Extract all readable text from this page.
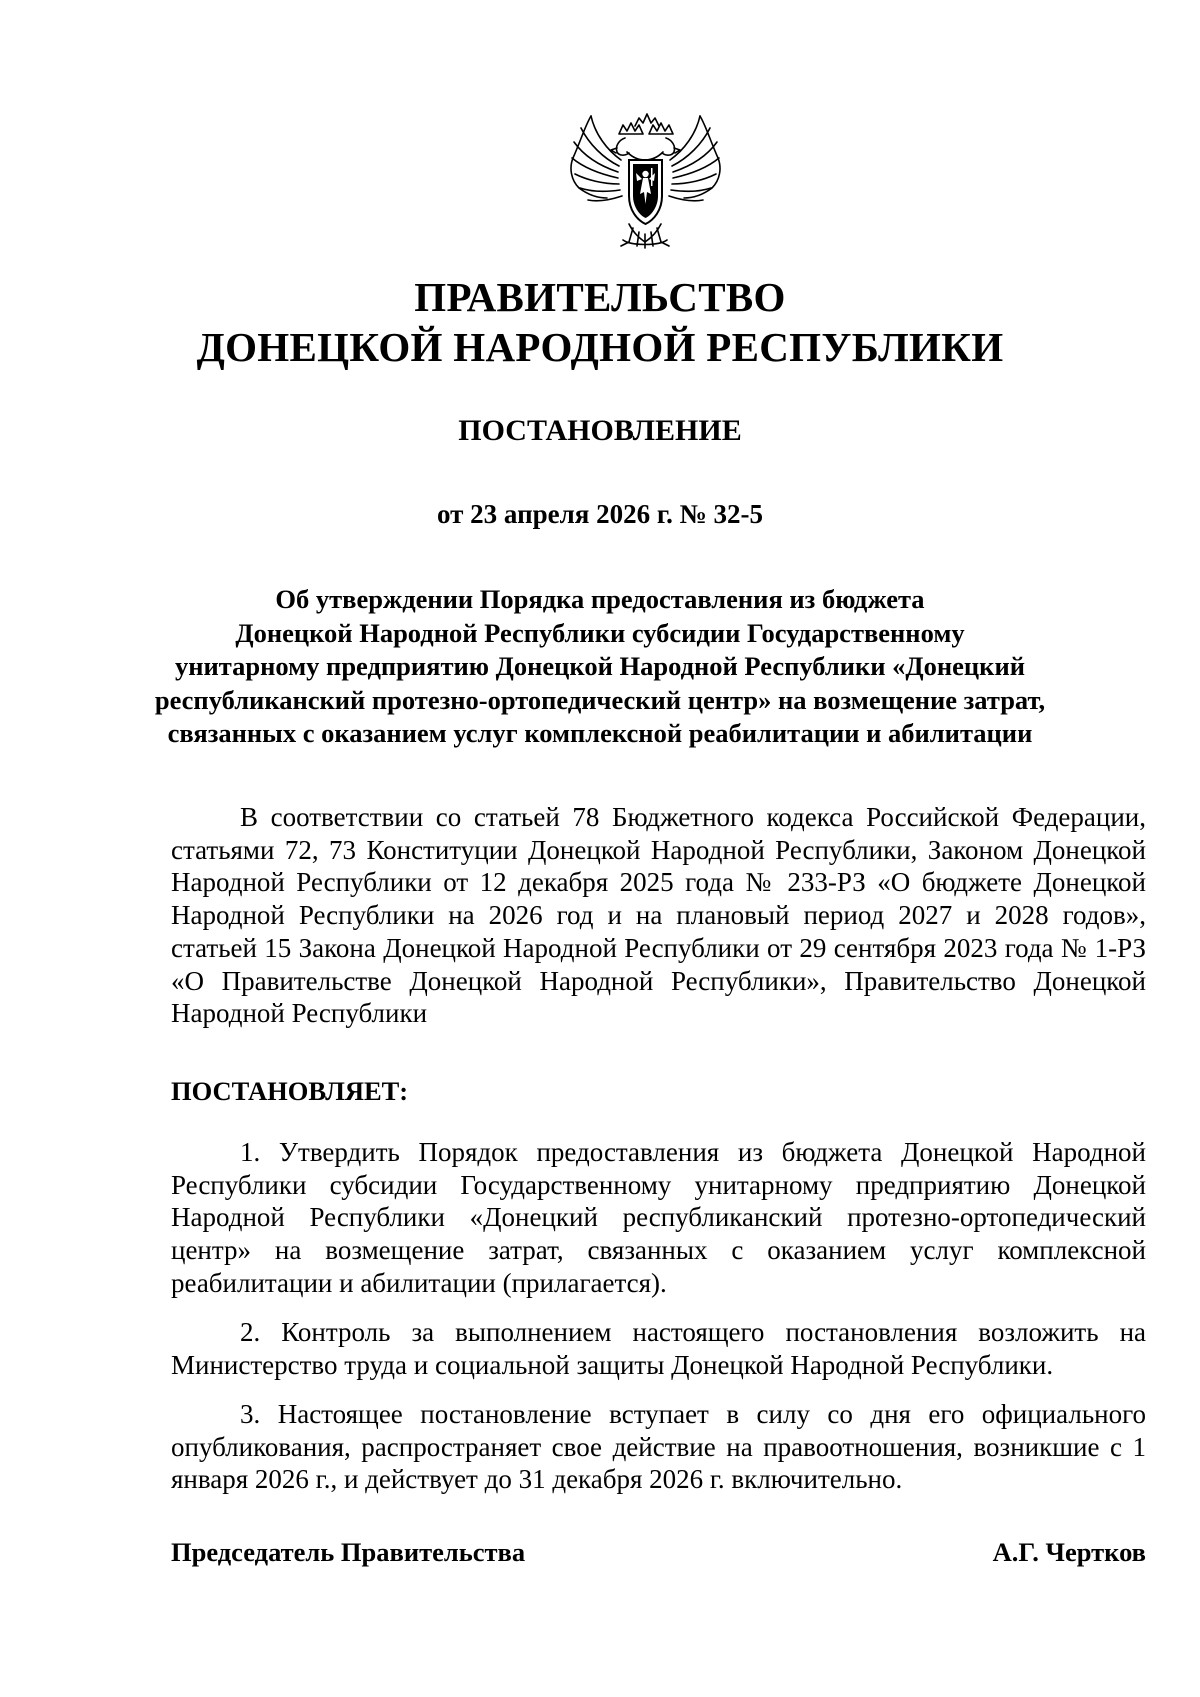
ПРАВИТЕЛЬСТВО
ДОНЕЦКОЙ НАРОДНОЙ РЕСПУБЛИКИ
ПОСТАНОВЛЕНИЕ
от 23 апреля 2026 г. № 32-5
Об утверждении Порядка предоставления из бюджета
Донецкой Народной Республики субсидии Государственному
унитарному предприятию Донецкой Народной Республики «Донецкий
республиканский протезно-ортопедический центр» на возмещение затрат,
связанных с оказанием услуг комплексной реабилитации и абилитации

В соответствии со статьей 78 Бюджетного кодекса Российской Федерации, статьями 72, 73 Конституции Донецкой Народной Республики, Законом Донецкой Народной Республики от 12 декабря 2025 года № 233-РЗ «О бюджете Донецкой Народной Республики на 2026 год и на плановый период 2027 и 2028 годов», статьей 15 Закона Донецкой Народной Республики от 29 сентября 2023 года № 1-РЗ «О Правительстве Донецкой Народной Республики», Правительство Донецкой Народной Республики

ПОСТАНОВЛЯЕТ:

1. Утвердить Порядок предоставления из бюджета Донецкой Народной Республики субсидии Государственному унитарному предприятию Донецкой Народной Республики «Донецкий республиканский протезно-ортопедический центр» на возмещение затрат, связанных с оказанием услуг комплексной реабилитации и абилитации (прилагается).

2. Контроль за выполнением настоящего постановления возложить на Министерство труда и социальной защиты Донецкой Народной Республики.

3. Настоящее постановление вступает в силу со дня его официального опубликования, распространяет свое действие на правоотношения, возникшие с 1 января 2026 г., и действует до 31 декабря 2026 г. включительно.

Председатель Правительства	А.Г. Чертков
